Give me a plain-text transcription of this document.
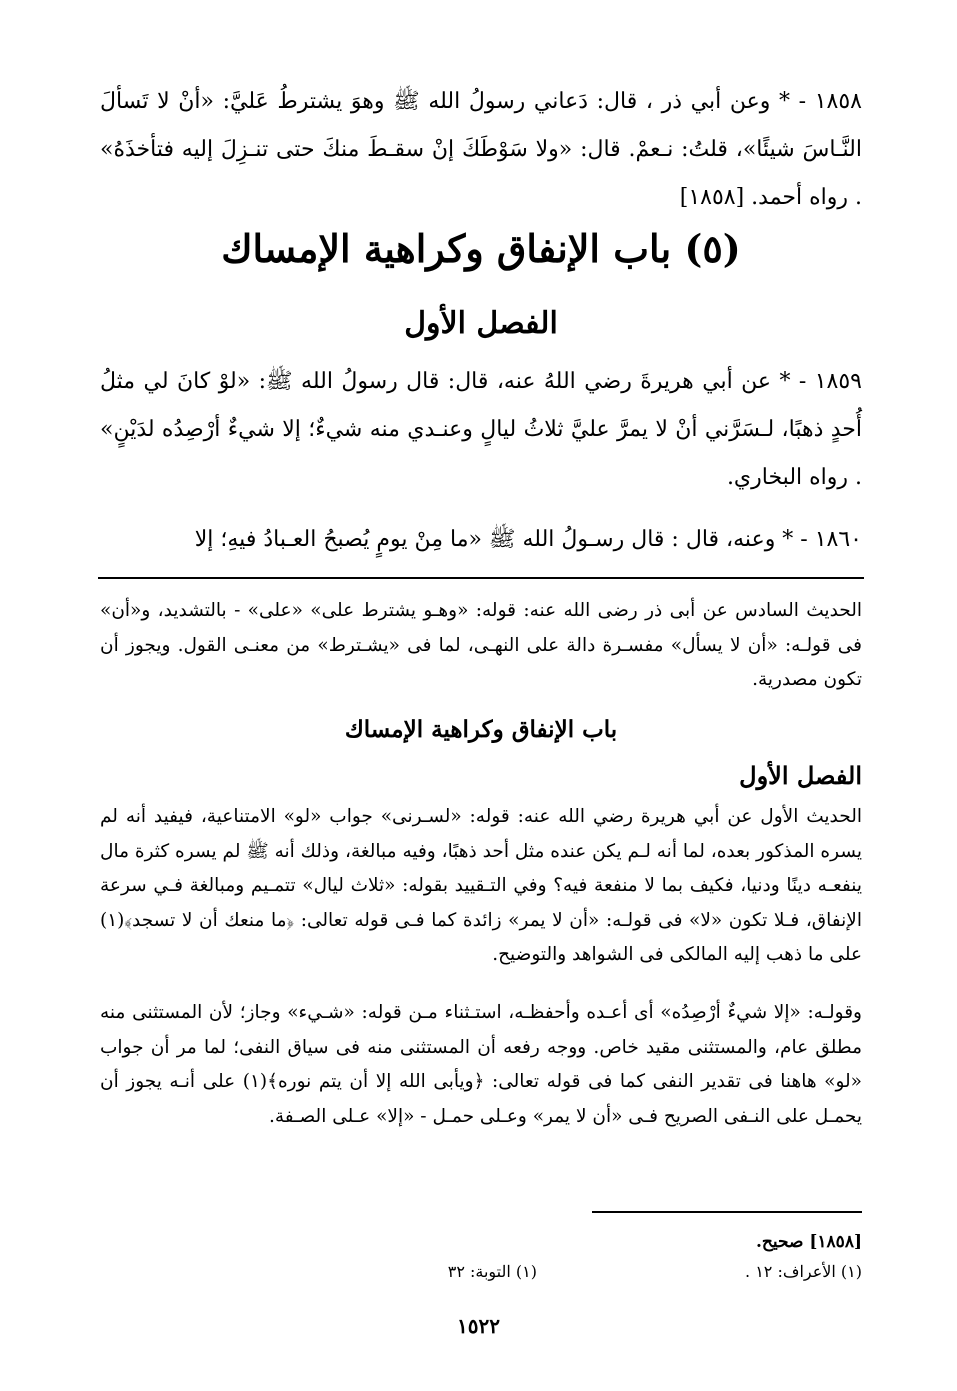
١٨٥٨ - * وعن أبي ذر ، قال: دَعاني رسولُ الله ﷺ وهوَ يشترطُ عَليَّ: «أنْ لا تَسألَ النَّـاسَ شيئًا»، قلتُ: نـعمْ. قال: «ولا سَوْطَكَ إنْ سقـطَ منكَ حتى تنـزِلَ إليه فتأخذَهُ» . رواه أحمد. [١٨٥٨]

(٥) باب الإنفاق وكراهية الإمساك
الفصل الأول

١٨٥٩ - * عن أبي هريرةَ رضي اللهُ عنه، قال: قال رسولُ الله ﷺ: «لوْ كانَ لي مثلُ أُحدٍ ذهبًا، لـسَرَّني أنْ لا يمرَّ عليَّ ثلاثُ ليالٍ وعنـدي منه شيءٌ؛ إلا شيءٌ أرْصِدُه لدَيْنٍ» . رواه البخاري.

١٨٦٠ - * وعنه، قال : قال رسـولُ الله ﷺ «ما مِنْ يومٍ يُصبحُ العـبادُ فيهِ؛ إلا

الحديث السادس عن أبى ذر رضى الله عنه: قوله: «وهـو يشترط على» «على» - بالتشديد، و«أن» فى قولـه: «أن لا يسأل» مفسـرة دالة على النهـى، لما فى «يشـترط» من معنـى القول. ويجوز أن تكون مصدرية.

باب الإنفاق وكراهية الإمساك
الفصل الأول

الحديث الأول عن أبي هريرة رضي الله عنه: قوله: «لسـرنى» جواب «لو» الامتناعية، فيفيد أنه لم يسره المذكور بعده، لما أنه لـم يكن عنده مثل أحد ذهبًا، وفيه مبالغة، وذلك أنه ﷺ لم يسره كثرة مال ينفعـه دينًا ودنيا، فكيف بما لا منفعة فيه؟ وفي التـقييد بقوله: «ثلاث ليال» تتمـيم ومبالغة فـي سرعة الإنفاق، فـلا تكون «لا» فى قولـه: «أن لا يمر» زائدة كما فـى قوله تعالى: ﴿ما منعك أن لا تسجد﴾(١) على ما ذهب إليه المالكى فى الشواهد والتوضيح.

وقولـه: «إلا شيءٌ أرْصِدُه» أى أعـده وأحفظـه، استـثناء مـن قوله: «شـيء» وجاز؛ لأن المستثنى منه مطلق عام، والمستثنى مقيد خاص. ووجه رفعه أن المستثنى منه فى سياق النفى؛ لما مر أن جواب «لو» هاهنا فى تقدير النفى كما فى قوله تعالى: ﴿ويأبى الله إلا أن يتم نوره﴾(١) على أنـه يجوز أن يحمـل على النـفى الصريح فـى «أن لا يمر» وعـلى حمـل - «إلا» عـلى الصـفة.

[١٨٥٨] صحيح.
(١) الأعراف: ١٢ .
(١) التوبة: ٣٢
١٥٢٢
